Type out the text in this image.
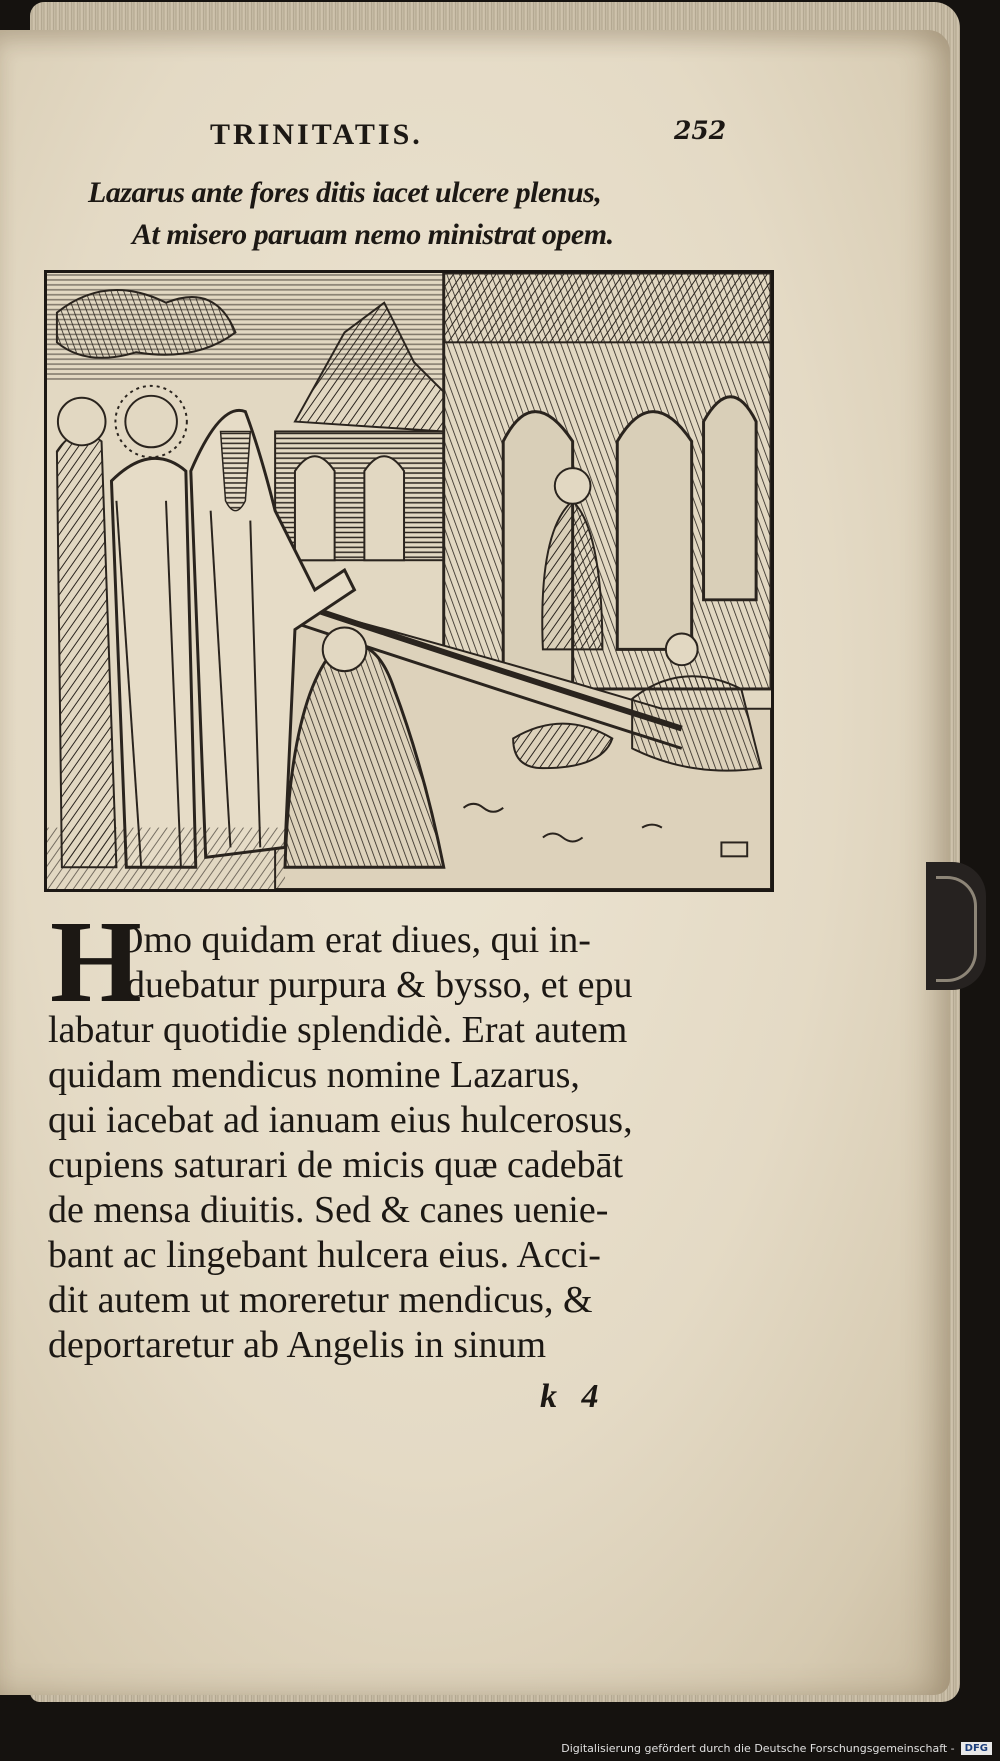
TRINITATIS.	252

Lazarus ante fores ditis iacet ulcere plenus,

At misero paruam nemo ministrat opem.

H
Omo quidam erat diues, qui in-
duebatur purpura & bysso, et epu
labatur quotidie splendidè. Erat autem
quidam mendicus nomine Lazarus,
qui iacebat ad ianuam eius hulcerosus,
cupiens saturari de micis quæ cadebāt
de mensa diuitis. Sed & canes uenie-
bant ac lingebant hulcera eius. Acci-
dit autem ut moreretur mendicus, &
deportaretur ab Angelis in sinum
k 4
Digitalisierung gefördert durch die Deutsche Forschungsgemeinschaft -	DFG
